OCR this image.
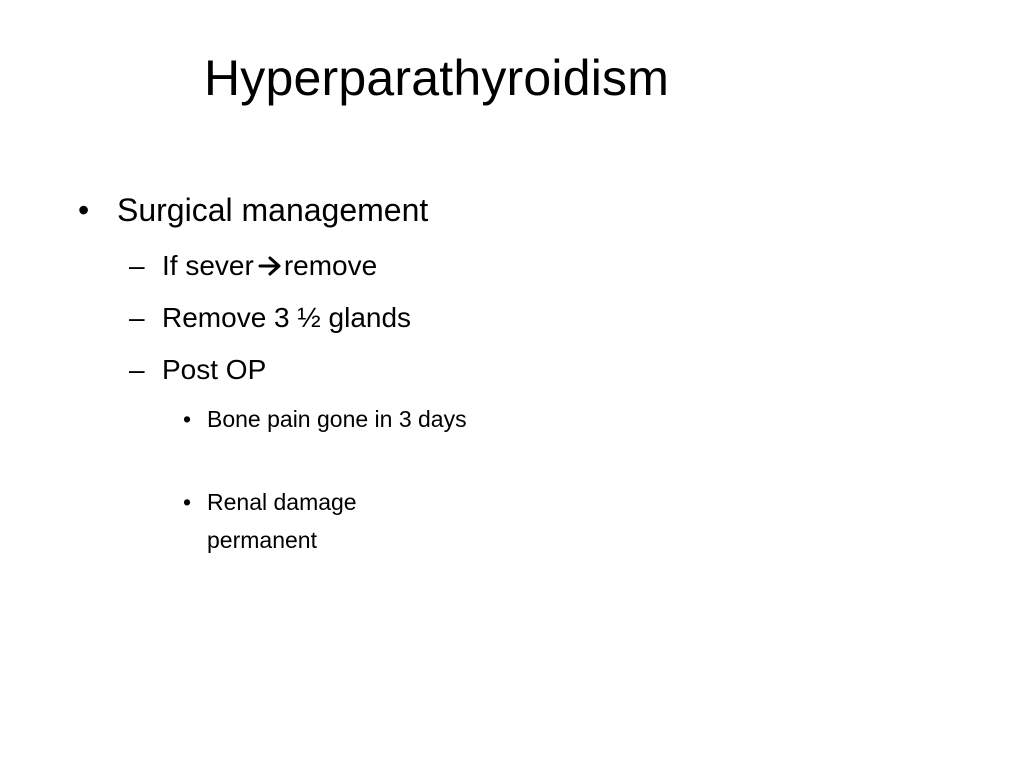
Hyperparathyroidism
• Surgical management
– If sever remove
– Remove 3 ½ glands
– Post OP
• Bone pain gone in 3 days
• Renal damage permanent
